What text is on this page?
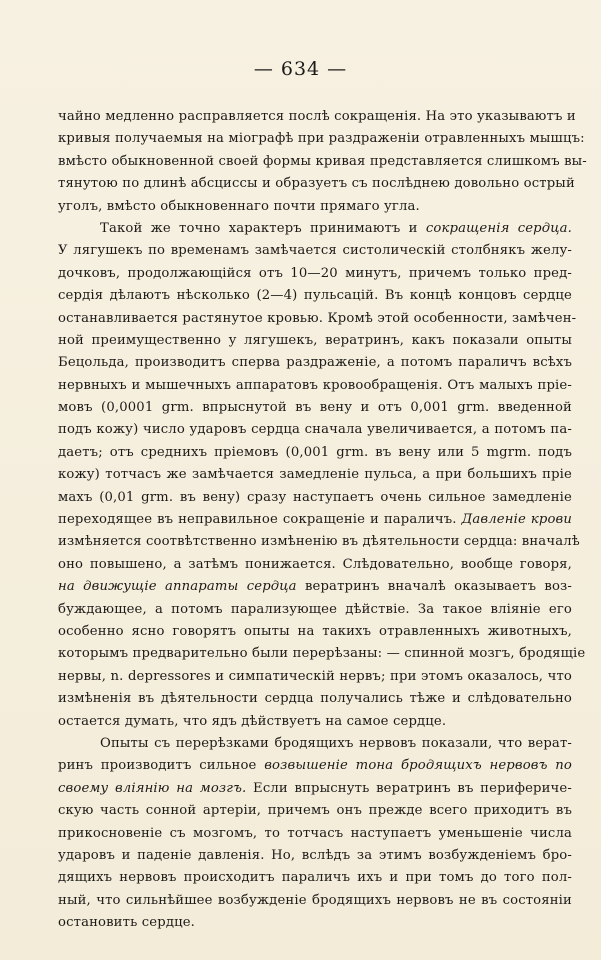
— 634 —
чайно медленно расправляется послѣ сокращенія. На это указываютъ и
кривыя получаемыя на міографѣ при раздраженіи отравленныхъ мышцъ:
вмѣсто обыкновенной своей формы кривая представляется слишкомъ вы-
тянутою по длинѣ абсциссы и образуетъ съ послѣднею довольно острый
уголъ, вмѣсто обыкновеннаго почти прямаго угла.
Такой же точно характеръ принимаютъ и сокращенія сердца.
У лягушекъ по временамъ замѣчается систолическій столбнякъ желу-
дочковъ, продолжающійся отъ 10—20 минутъ, причемъ только пред-
сердія дѣлаютъ нѣсколько (2—4) пульсацій. Въ концѣ концовъ сердце
останавливается растянутое кровью. Кромѣ этой особенности, замѣчен-
ной преимущественно у лягушекъ, вератринъ, какъ показали опыты
Бецольда, производитъ сперва раздраженіе, а потомъ параличъ всѣхъ
нервныхъ и мышечныхъ аппаратовъ кровообращенія. Отъ малыхъ пріе-
мовъ (0,0001 grm. впрыснутой въ вену и отъ 0,001 grm. введенной
подъ кожу) число ударовъ сердца сначала увеличивается, а потомъ па-
даетъ; отъ среднихъ пріемовъ (0,001 grm. въ вену или 5 mgrm. подъ
кожу) тотчасъ же замѣчается замедленіе пульса, а при большихъ пріе
махъ (0,01 grm. въ вену) сразу наступаетъ очень сильное замедленіе
переходящее въ неправильное сокращеніе и параличъ. Давленіе крови
измѣняется соотвѣтственно измѣненію въ дѣятельности сердца: вначалѣ
оно повышено, а затѣмъ понижается. Слѣдовательно, вообще говоря,
на движущіе аппараты сердца вератринъ вначалѣ оказываетъ воз-
буждающее, а потомъ парализующее дѣйствіе. За такое вліяніе его
особенно ясно говорятъ опыты на такихъ отравленныхъ животныхъ,
которымъ предварительно были перерѣзаны: — спинной мозгъ, бродящіе
нервы, n. depressores и симпатическій нервъ; при этомъ оказалось, что
измѣненія въ дѣятельности сердца получались тѣже и слѣдовательно
остается думать, что ядъ дѣйствуетъ на самое сердце.
Опыты съ перерѣзками бродящихъ нервовъ показали, что верат-
ринъ производитъ сильное возвышеніе тона бродящихъ нервовъ по
своему вліянію на мозгъ. Если впрыснуть вератринъ въ перифериче-
скую часть сонной артеріи, причемъ онъ прежде всего приходитъ въ
прикосновеніе съ мозгомъ, то тотчасъ наступаетъ уменьшеніе числа
ударовъ и паденіе давленія. Но, вслѣдъ за этимъ возбужденіемъ бро-
дящихъ нервовъ происходитъ параличъ ихъ и при томъ до того пол-
ный, что сильнѣйшее возбужденіе бродящихъ нервовъ не въ состояніи
остановить сердце.
